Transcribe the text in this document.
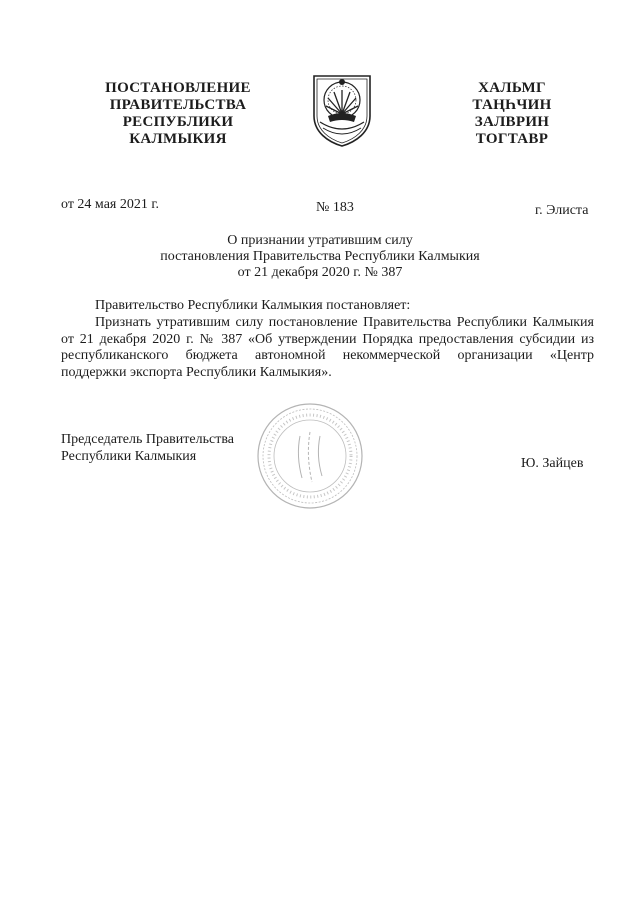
ПОСТАНОВЛЕНИЕ
ПРАВИТЕЛЬСТВА
РЕСПУБЛИКИ
КАЛМЫКИЯ
ХАЛЬМГ
ТАҢҺЧИН
ЗАЛВРИН
ТОГТАВР
от 24 мая 2021 г.	№ 183	г. Элиста
О признании утратившим силу
постановления Правительства Республики Калмыкия
от 21 декабря 2020 г. № 387
Правительство Республики Калмыкия постановляет:
Признать утратившим силу постановление Правительства Республики Калмыкия от 21 декабря 2020 г. № 387 «Об утверждении Порядка предоставления субсидии из республиканского бюджета автономной некоммерческой организации «Центр поддержки экспорта Республики Калмыкия».
Председатель Правительства
Республики Калмыкия	Ю. Зайцев
